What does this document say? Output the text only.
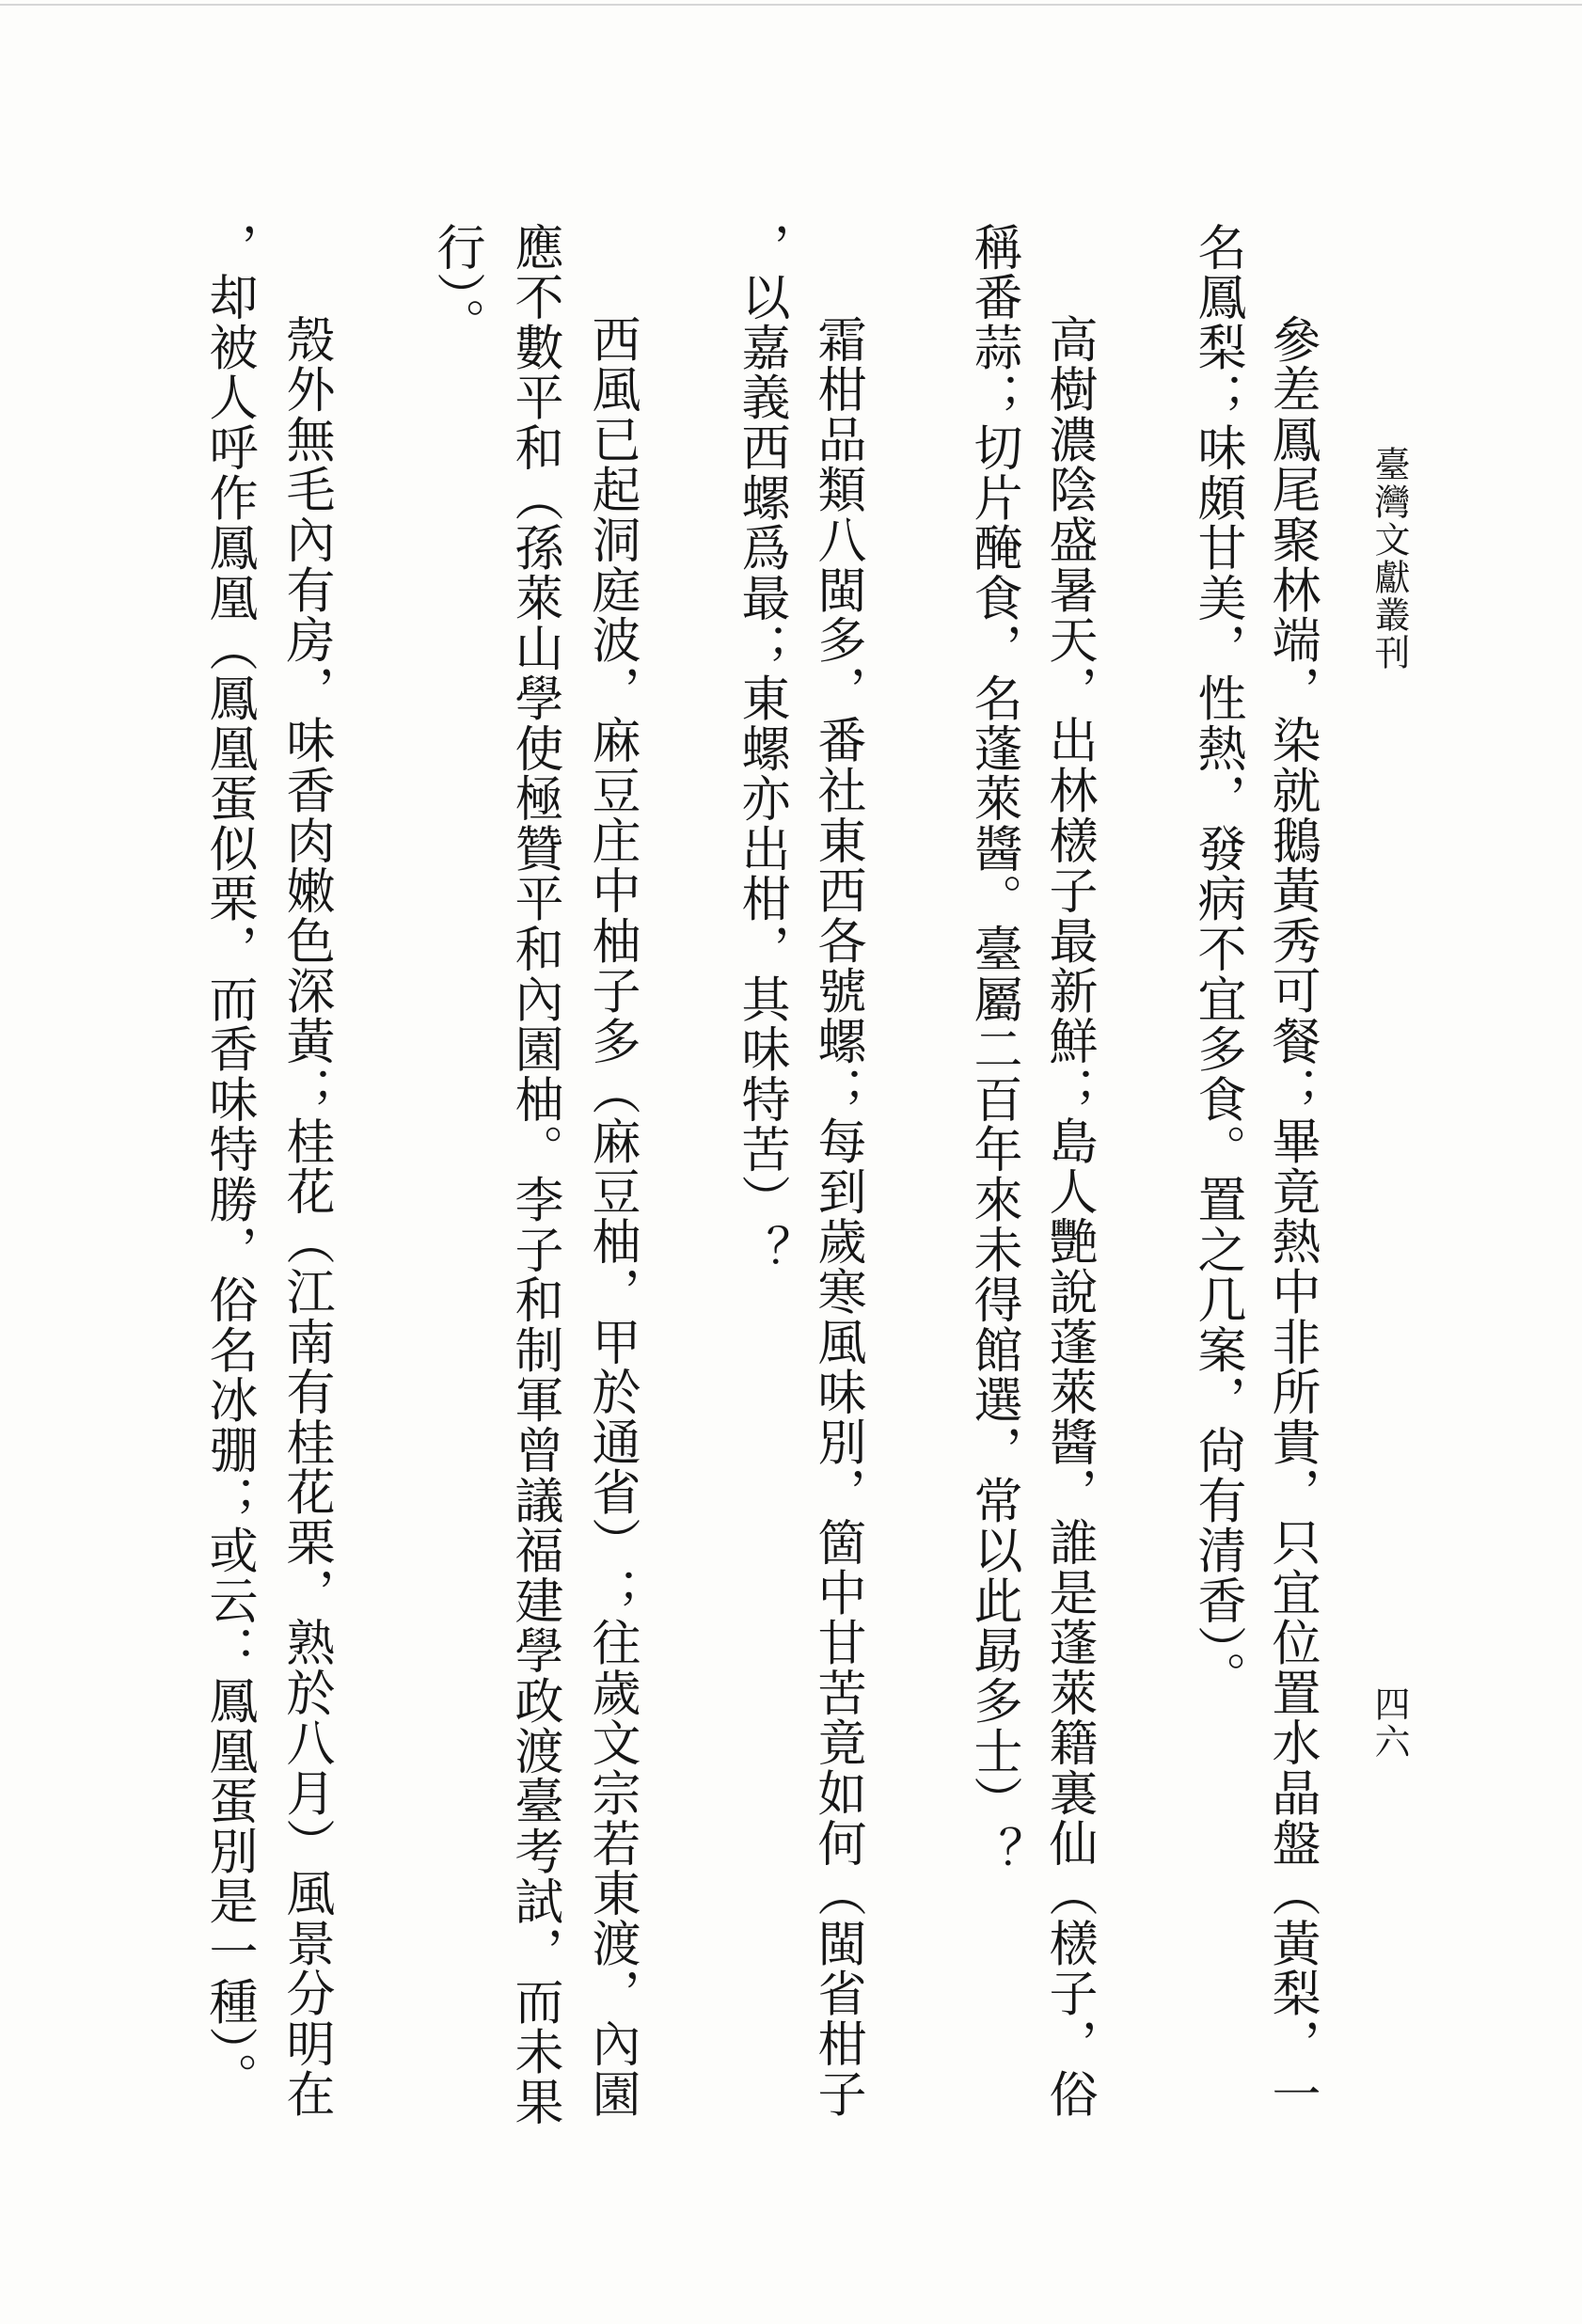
臺灣文獻叢刊
四六
參差鳳尾聚林端，染就鵝黃秀可餐；畢竟熱中非所貴，只宜位置水晶盤（黃梨，一
名鳳梨；味頗甘美，性熱，發病不宜多食。置之几案，尙有清香）。
高樹濃陰盛暑天，出林檨子最新鮮；島人艷說蓬萊醬，誰是蓬萊籍裏仙（檨子，俗
稱番蒜；切片醃食，名蓬萊醬。臺屬二百年來未得館選，常以此勗多士）？
霜柑品類八閩多，番社東西各號螺；每到歲寒風味別，箇中甘苦竟如何（閩省柑子
，以嘉義西螺爲最；東螺亦出柑，其味特苦）？
西風已起洞庭波，麻豆庄中柚子多（麻豆柚，甲於通省）；往歲文宗若東渡，內園
應不數平和（孫萊山學使極贊平和內園柚。李子和制軍曾議福建學政渡臺考試，而未果
行）。
殼外無毛內有房，味香肉嫩色深黃；桂花（江南有桂花栗，熟於八月）風景分明在
，却被人呼作鳳凰（鳳凰蛋似栗，而香味特勝，俗名冰弸；或云：鳳凰蛋別是一種）。
